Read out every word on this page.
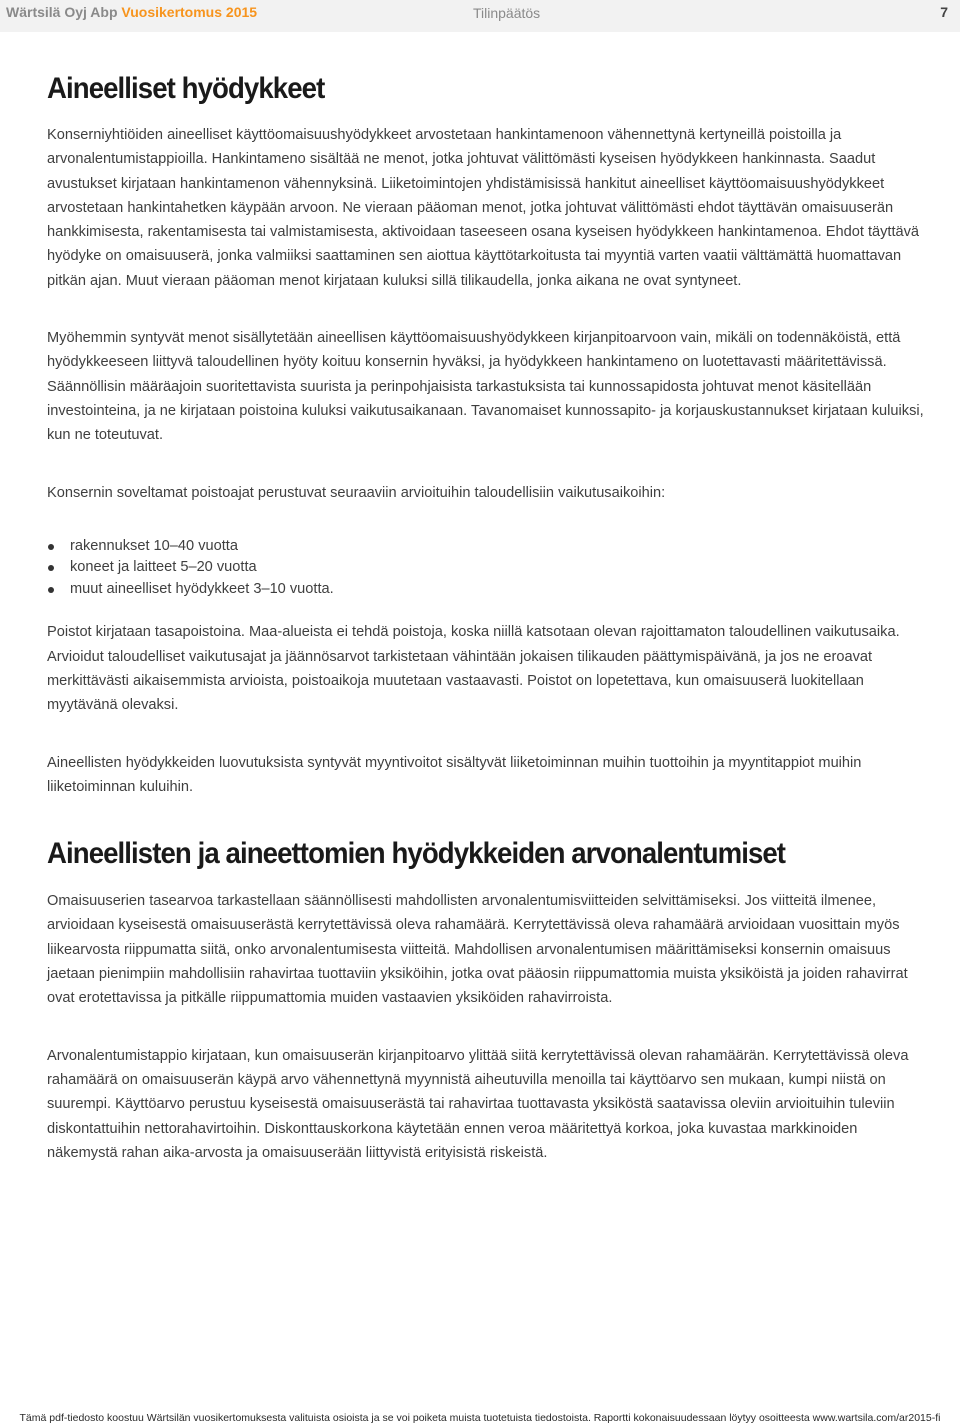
Wärtsilä Oyj Abp Vuosikertomus 2015	Tilinpäätös	7
Aineelliset hyödykkeet

Konserniyhtiöiden aineelliset käyttöomaisuushyödykkeet arvostetaan hankintamenoon vähennettynä kertyneillä poistoilla ja arvonalentumistappioilla. Hankintameno sisältää ne menot, jotka johtuvat välittömästi kyseisen hyödykkeen hankinnasta. Saadut avustukset kirjataan hankintamenon vähennyksinä. Liiketoimintojen yhdistämisissä hankitut aineelliset käyttöomaisuushyödykkeet arvostetaan hankintahetken käypään arvoon. Ne vieraan pääoman menot, jotka johtuvat välittömästi ehdot täyttävän omaisuuserän hankkimisesta, rakentamisesta tai valmistamisesta, aktivoidaan taseeseen osana kyseisen hyödykkeen hankintamenoa. Ehdot täyttävä hyödyke on omaisuuserä, jonka valmiiksi saattaminen sen aiottua käyttötarkoitusta tai myyntiä varten vaatii välttämättä huomattavan pitkän ajan. Muut vieraan pääoman menot kirjataan kuluksi sillä tilikaudella, jonka aikana ne ovat syntyneet.

Myöhemmin syntyvät menot sisällytetään aineellisen käyttöomaisuushyödykkeen kirjanpitoarvoon vain, mikäli on todennäköistä, että hyödykkeeseen liittyvä taloudellinen hyöty koituu konsernin hyväksi, ja hyödykkeen hankintameno on luotettavasti määritettävissä. Säännöllisin määräajoin suoritettavista suurista ja perinpohjaisista tarkastuksista tai kunnossapidosta johtuvat menot käsitellään investointeina, ja ne kirjataan poistoina kuluksi vaikutusaikanaan. Tavanomaiset kunnossapito- ja korjauskustannukset kirjataan kuluiksi, kun ne toteutuvat.

Konsernin soveltamat poistoajat perustuvat seuraaviin arvioituihin taloudellisiin vaikutusaikoihin:

rakennukset 10–40 vuotta
koneet ja laitteet 5–20 vuotta
muut aineelliset hyödykkeet 3–10 vuotta.

Poistot kirjataan tasapoistoina. Maa-alueista ei tehdä poistoja, koska niillä katsotaan olevan rajoittamaton taloudellinen vaikutusaika. Arvioidut taloudelliset vaikutusajat ja jäännösarvot tarkistetaan vähintään jokaisen tilikauden päättymispäivänä, ja jos ne eroavat merkittävästi aikaisemmista arvioista, poistoaikoja muutetaan vastaavasti. Poistot on lopetettava, kun omaisuuserä luokitellaan myytävänä olevaksi.

Aineellisten hyödykkeiden luovutuksista syntyvät myyntivoitot sisältyvät liiketoiminnan muihin tuottoihin ja myyntitappiot muihin liiketoiminnan kuluihin.

Aineellisten ja aineettomien hyödykkeiden arvonalentumiset

Omaisuuserien tasearvoa tarkastellaan säännöllisesti mahdollisten arvonalentumisviitteiden selvittämiseksi. Jos viitteitä ilmenee, arvioidaan kyseisestä omaisuuserästä kerrytettävissä oleva rahamäärä. Kerrytettävissä oleva rahamäärä arvioidaan vuosittain myös liikearvosta riippumatta siitä, onko arvonalentumisesta viitteitä. Mahdollisen arvonalentumisen määrittämiseksi konsernin omaisuus jaetaan pienimpiin mahdollisiin rahavirtaa tuottaviin yksiköihin, jotka ovat pääosin riippumattomia muista yksiköistä ja joiden rahavirrat ovat erotettavissa ja pitkälle riippumattomia muiden vastaavien yksiköiden rahavirroista.

Arvonalentumistappio kirjataan, kun omaisuuserän kirjanpitoarvo ylittää siitä kerrytettävissä olevan rahamäärän. Kerrytettävissä oleva rahamäärä on omaisuuserän käypä arvo vähennettynä myynnistä aiheutuvilla menoilla tai käyttöarvo sen mukaan, kumpi niistä on suurempi. Käyttöarvo perustuu kyseisestä omaisuuserästä tai rahavirtaa tuottavasta yksiköstä saatavissa oleviin arvioituihin tuleviin diskontattuihin nettorahavirtoihin. Diskonttauskorkona käytetään ennen veroa määritettyä korkoa, joka kuvastaa markkinoiden näkemystä rahan aika-arvosta ja omaisuuserään liittyvistä erityisistä riskeistä.

Tämä pdf-tiedosto koostuu Wärtsilän vuosikertomuksesta valituista osioista ja se voi poiketa muista tuotetuista tiedostoista. Raportti kokonaisuudessaan löytyy osoitteesta www.wartsila.com/ar2015-fi
